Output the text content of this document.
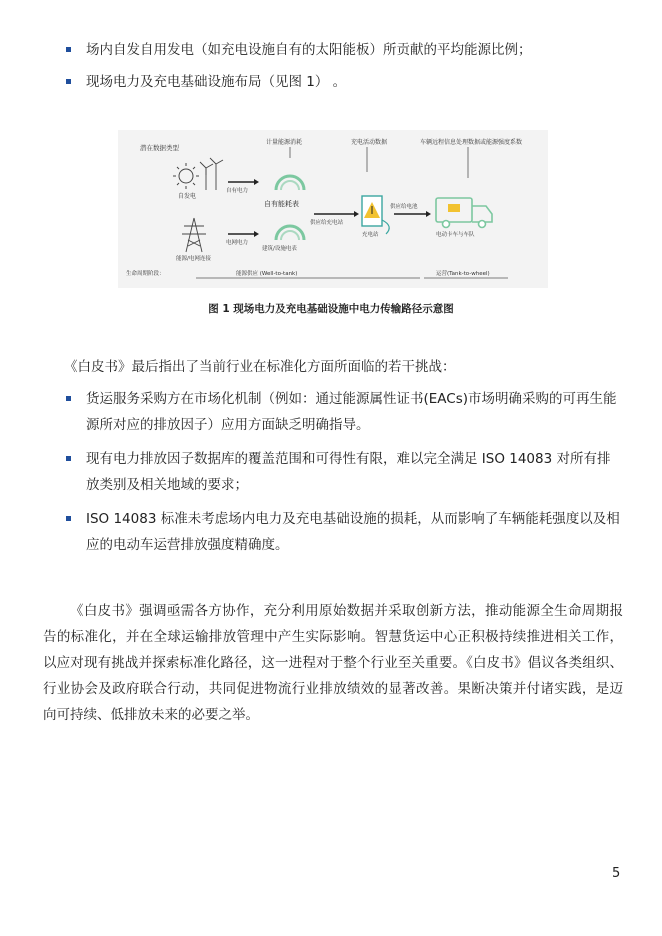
场内自发自用发电（如充电设施自有的太阳能板）所贡献的平均能源比例；
现场电力及充电基础设施布局（见图 1） 。
潜在数据类型
计量能源消耗	充电活动数据	车辆远程信息处理数据或能源强度系数
自发电
自有电力
自有能耗表
能源/电网连接
电网电力
建筑/设施电表
供应给充电站
充电站
供应给电池
电动卡车与车队
生命周期阶段：	能源供应 (Well-to-tank)	运营(Tank-to-wheel)
图 1 现场电力及充电基础设施中电力传输路径示意图
《白皮书》最后指出了当前行业在标准化方面所面临的若干挑战：
货运服务采购方在市场化机制（例如：通过能源属性证书(EACs)市场明确采购的可再生能源所对应的排放因子）应用方面缺乏明确指导。
现有电力排放因子数据库的覆盖范围和可得性有限，难以完全满足 ISO 14083 对所有排放类别及相关地域的要求；
ISO 14083 标准未考虑场内电力及充电基础设施的损耗，从而影响了车辆能耗强度以及相应的电动车运营排放强度精确度。

《白皮书》强调亟需各方协作，充分利用原始数据并采取创新方法，推动能源全生命周期报告的标准化，并在全球运输排放管理中产生实际影响。智慧货运中心正积极持续推进相关工作，以应对现有挑战并探索标准化路径，这一进程对于整个行业至关重要。《白皮书》倡议各类组织、行业协会及政府联合行动，共同促进物流行业排放绩效的显著改善。果断决策并付诸实践，是迈向可持续、低排放未来的必要之举。

5
